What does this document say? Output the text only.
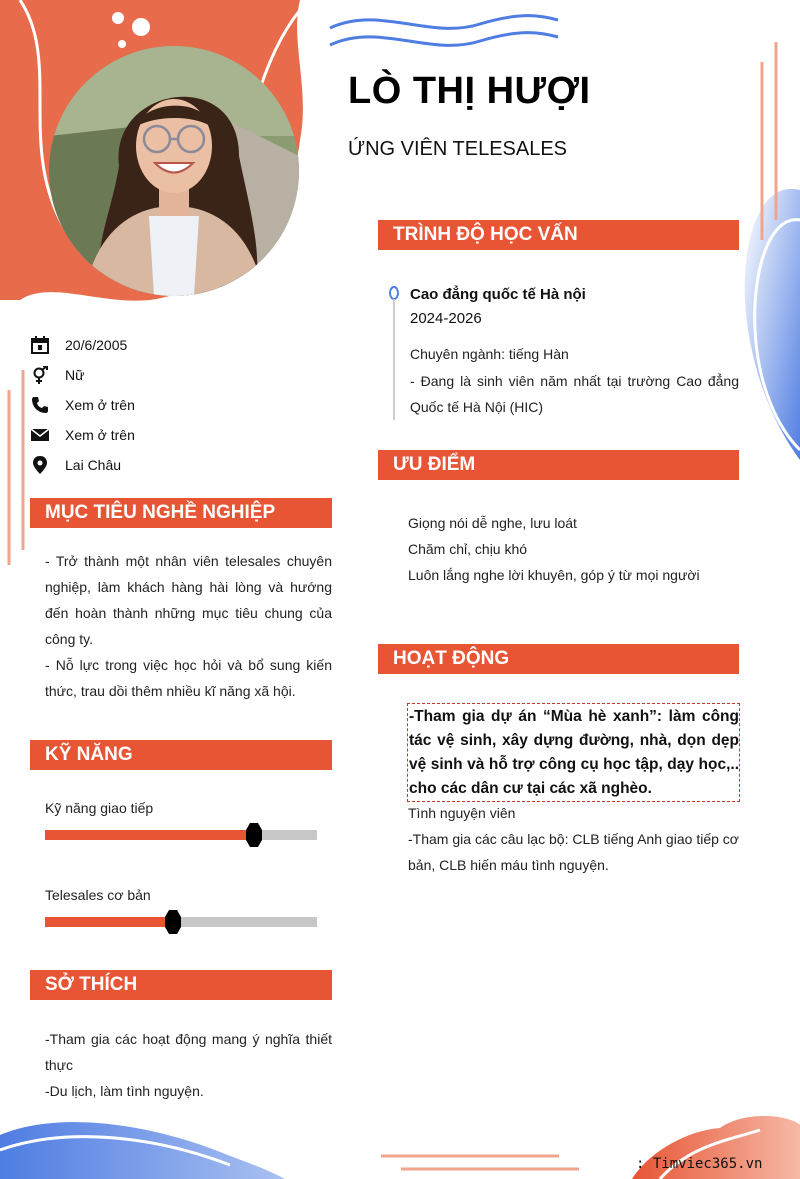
LÒ THỊ HƯỢI
ỨNG VIÊN TELESALES
20/6/2005
Nữ
Xem ở trên
Xem ở trên
Lai Châu
MỤC TIÊU NGHỀ NGHIỆP
- Trở thành một nhân viên telesales chuyên nghiệp, làm khách hàng hài lòng và hướng đến hoàn thành những mục tiêu chung của công ty.
- Nỗ lực trong việc học hỏi và bổ sung kiến thức, trau dồi thêm nhiều kĩ năng xã hội.
KỸ NĂNG
Kỹ năng giao tiếp
Telesales cơ bản
SỞ THÍCH
-Tham gia các hoạt động mang ý nghĩa thiết thực
-Du lịch, làm tình nguyện.
TRÌNH ĐỘ HỌC VẤN
Cao đẳng quốc tế Hà nội
2024-2026
Chuyên ngành: tiếng Hàn
- Đang là sinh viên năm nhất tại trường Cao đẳng Quốc tế Hà Nội (HIC)
ƯU ĐIỂM
Giọng nói dễ nghe, lưu loát
Chăm chỉ, chịu khó
Luôn lắng nghe lời khuyên, góp ý từ mọi người
HOẠT ĐỘNG
-Tham gia dự án “Mùa hè xanh”: làm công tác vệ sinh, xây dựng đường, nhà, dọn dẹp vệ sinh và hỗ trợ công cụ học tập, dạy học,.. cho các dân cư tại các xã nghèo.
Tình nguyện viên
-Tham gia các câu lạc bộ: CLB tiếng Anh giao tiếp cơ bản, CLB hiến máu tình nguyện.
: Timviec365.vn
